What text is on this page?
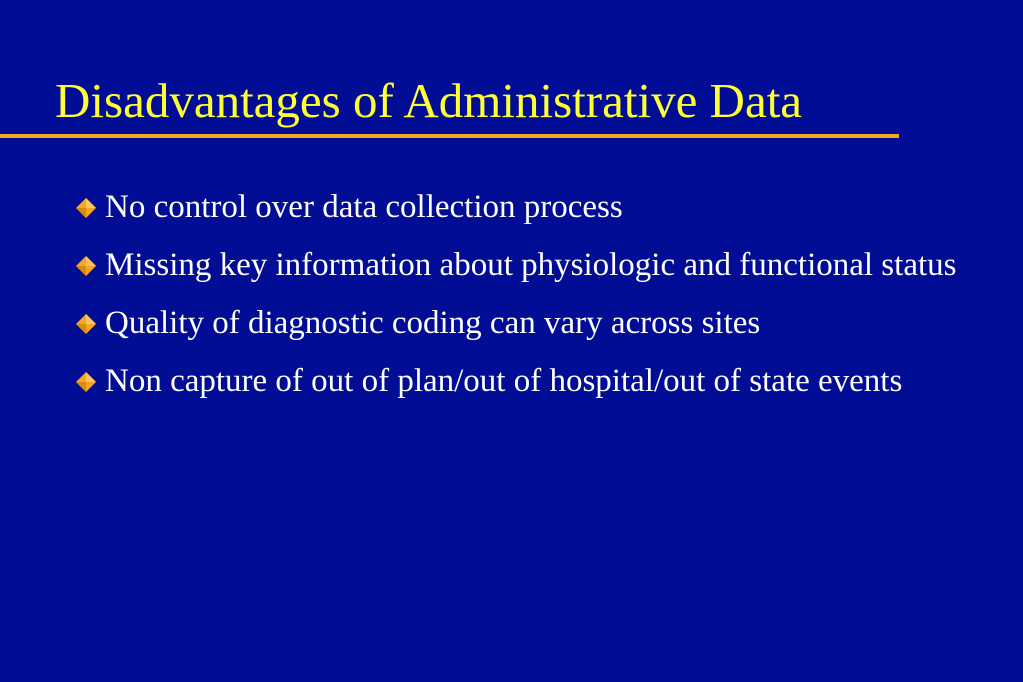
Disadvantages of Administrative Data
No control over data collection process
Missing key information about physiologic and functional status
Quality of diagnostic coding can vary across sites
Non capture of out of plan/out of hospital/out of state events
